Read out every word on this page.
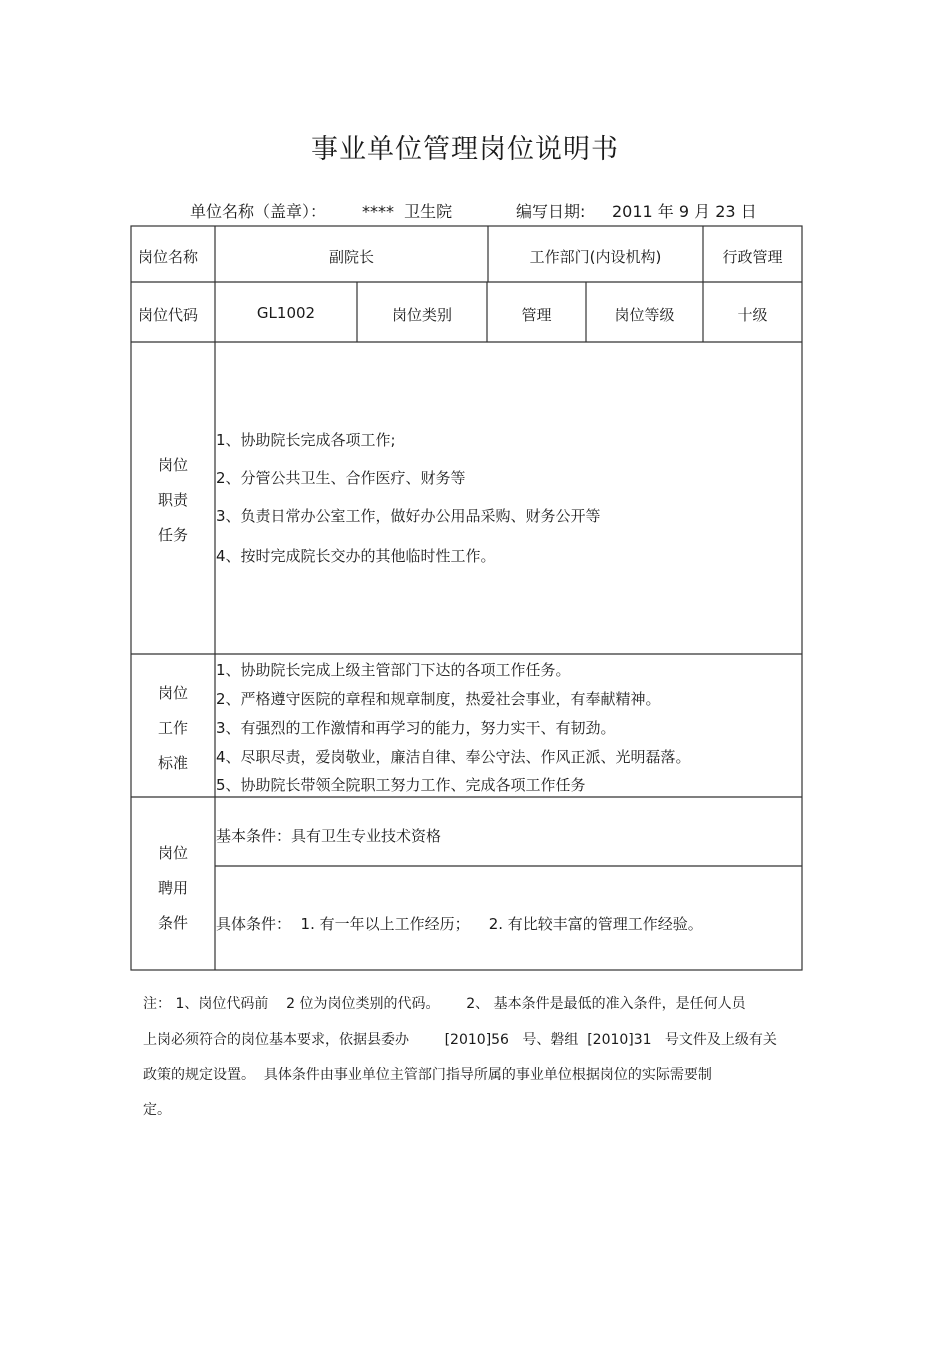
事业单位管理岗位说明书
单位名称（盖章）： ****  卫生院	编写日期: 2011 年 9 月 23 日
岗位名称	副院长	工作部门(内设机构)	行政管理
岗位代码	GL1002	岗位类别	管理	岗位等级	十级
岗位
职责
任务
1、协助院长完成各项工作;
2、分管公共卫生、合作医疗、财务等
3、负责日常办公室工作，做好办公用品采购、财务公开等
4、按时完成院长交办的其他临时性工作。
岗位
工作
标准
1、协助院长完成上级主管部门下达的各项工作任务。
2、严格遵守医院的章程和规章制度，热爱社会事业，有奉献精神。
3、有强烈的工作激情和再学习的能力，努力实干、有韧劲。
4、尽职尽责，爱岗敬业，廉洁自律、奉公守法、作风正派、光明磊落。
5、协助院长带领全院职工努力工作、完成各项工作任务
岗位
聘用
条件
基本条件：具有卫生专业技术资格
具体条件：  1. 有一年以上工作经历；    2. 有比较丰富的管理工作经验。
注： 1、岗位代码前    2 位为岗位类别的代码。      2、 基本条件是最低的准入条件，是任何人员
上岗必须符合的岗位基本要求，依据县委办        [2010]56   号、磐组  [2010]31   号文件及上级有关
政策的规定设置。  具体条件由事业单位主管部门指导所属的事业单位根据岗位的实际需要制
定。
